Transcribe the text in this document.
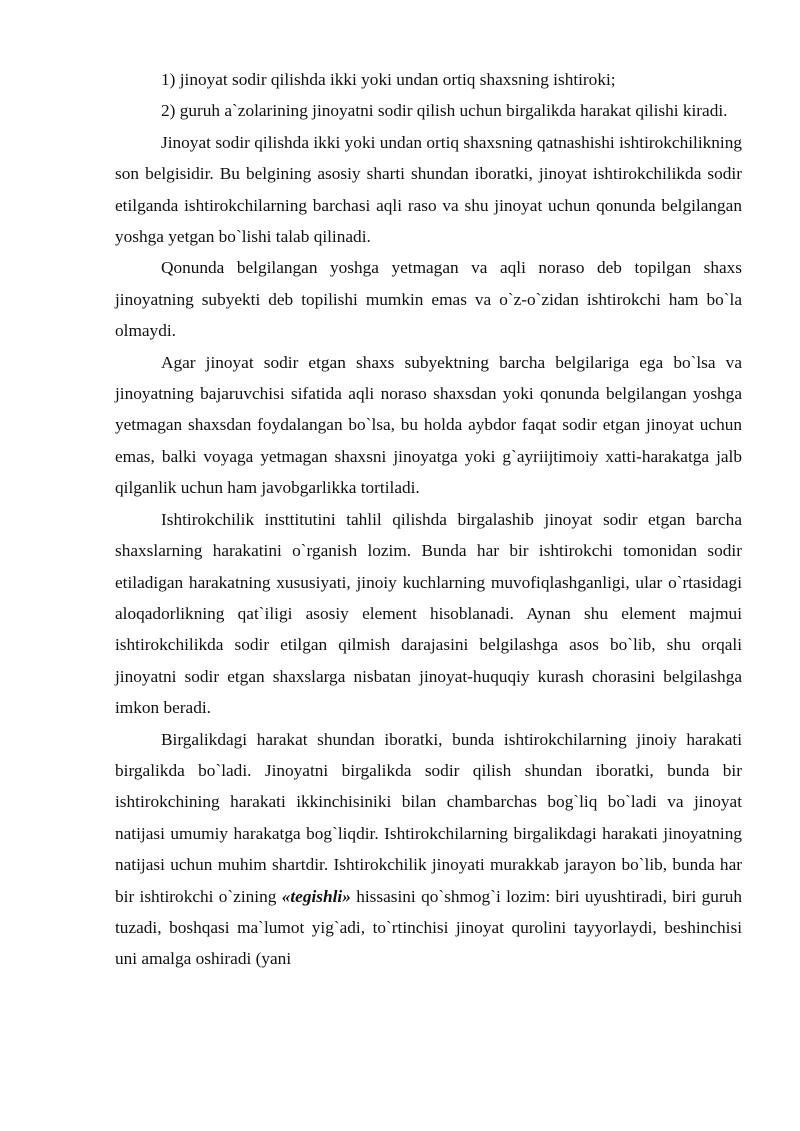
1) jinoyat sodir qilishda ikki yoki undan ortiq shaxsning ishtiroki;

2) guruh a`zolarining jinoyatni sodir qilish uchun birgalikda harakat qilishi kiradi.

Jinoyat sodir qilishda ikki yoki undan ortiq shaxsning qatnashishi ishtirokchilikning son belgisidir. Bu belgining asosiy sharti shundan iboratki, jinoyat ishtirokchilikda sodir etilganda ishtirokchilarning barchasi aqli raso va shu jinoyat uchun qonunda belgilangan yoshga yetgan bo`lishi talab qilinadi.

Qonunda belgilangan yoshga yetmagan va aqli noraso deb topilgan shaxs jinoyatning subyekti deb topilishi mumkin emas va o`z-o`zidan ishtirokchi ham bo`la olmaydi.

Agar jinoyat sodir etgan shaxs subyektning barcha belgilariga ega bo`lsa va jinoyatning bajaruvchisi sifatida aqli noraso shaxsdan yoki qonunda belgilangan yoshga yetmagan shaxsdan foydalangan bo`lsa, bu holda aybdor faqat sodir etgan jinoyat uchun emas, balki voyaga yetmagan shaxsni jinoyatga yoki g`ayriijtimoiy xatti-harakatga jalb qilganlik uchun ham javobgarlikka tortiladi.

Ishtirokchilik insttitutini tahlil qilishda birgalashib jinoyat sodir etgan barcha shaxslarning harakatini o`rganish lozim. Bunda har bir ishtirokchi tomonidan sodir etiladigan harakatning xususiyati, jinoiy kuchlarning muvofiqlashganligi, ular o`rtasidagi aloqadorlikning qat`iligi asosiy element hisoblanadi. Aynan shu element majmui ishtirokchilikda sodir etilgan qilmish darajasini belgilashga asos bo`lib, shu orqali jinoyatni sodir etgan shaxslarga nisbatan jinoyat-huquqiy kurash chorasini belgilashga imkon beradi.

Birgalikdagi harakat shundan iboratki, bunda ishtirokchilarning jinoiy harakati birgalikda bo`ladi. Jinoyatni birgalikda sodir qilish shundan iboratki, bunda bir ishtirokchining harakati ikkinchisiniki bilan chambarchas bog`liq bo`ladi va jinoyat natijasi umumiy harakatga bog`liqdir. Ishtirokchilarning birgalikdagi harakati jinoyatning natijasi uchun muhim shartdir. Ishtirokchilik jinoyati murakkab jarayon bo`lib, bunda har bir ishtirokchi o`zining «tegishli» hissasini qo`shmog`i lozim: biri uyushtiradi, biri guruh tuzadi, boshqasi ma`lumot yig`adi, to`rtinchisi jinoyat qurolini tayyorlaydi, beshinchisi uni amalga oshiradi (yani
